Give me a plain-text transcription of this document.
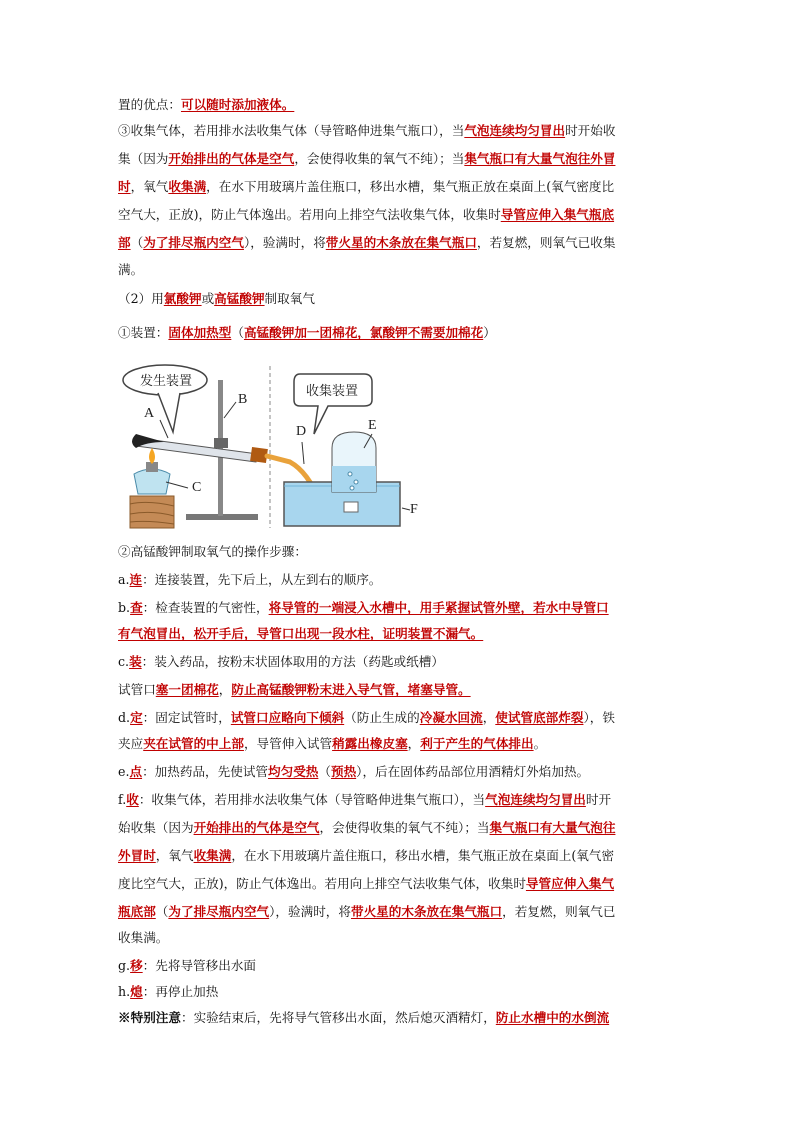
置的优点：可以随时添加液体。
③收集气体，若用排水法收集气体（导管略伸进集气瓶口），当气泡连续均匀冒出时开始收
集（因为开始排出的气体是空气，会使得收集的氧气不纯）；当集气瓶口有大量气泡往外冒
时，氧气收集满，在水下用玻璃片盖住瓶口，移出水槽，集气瓶正放在桌面上(氧气密度比
空气大，正放)，防止气体逸出。若用向上排空气法收集气体，收集时导管应伸入集气瓶底
部（为了排尽瓶内空气），验满时，将带火星的木条放在集气瓶口，若复燃，则氧气已收集
满。
（2）用氯酸钾或高锰酸钾制取氧气
①装置：固体加热型（高锰酸钾加一团棉花，氯酸钾不需要加棉花）
②高锰酸钾制取氧气的操作步骤：
a.连：连接装置，先下后上，从左到右的顺序。
b.查：检查装置的气密性，将导管的一端浸入水槽中，用手紧握试管外壁，若水中导管口
有气泡冒出，松开手后，导管口出现一段水柱，证明装置不漏气。
c.装：装入药品，按粉末状固体取用的方法（药匙或纸槽）
试管口塞一团棉花，防止高锰酸钾粉末进入导气管，堵塞导管。
d.定：固定试管时，试管口应略向下倾斜（防止生成的冷凝水回流，使试管底部炸裂），铁
夹应夹在试管的中上部，导管伸入试管稍露出橡皮塞，利于产生的气体排出。
e.点：加热药品，先使试管均匀受热（预热），后在固体药品部位用酒精灯外焰加热。
f.收：收集气体，若用排水法收集气体（导管略伸进集气瓶口），当气泡连续均匀冒出时开
始收集（因为开始排出的气体是空气，会使得收集的氧气不纯）；当集气瓶口有大量气泡往
外冒时，氧气收集满，在水下用玻璃片盖住瓶口，移出水槽，集气瓶正放在桌面上(氧气密
度比空气大，正放)，防止气体逸出。若用向上排空气法收集气体，收集时导管应伸入集气
瓶底部（为了排尽瓶内空气），验满时，将带火星的木条放在集气瓶口，若复燃，则氧气已
收集满。
g.移：先将导管移出水面
h.熄：再停止加热
※特别注意：实验结束后，先将导气管移出水面，然后熄灭酒精灯，防止水槽中的水倒流
发生装置
收集装置
A
B
C
D	E
F
